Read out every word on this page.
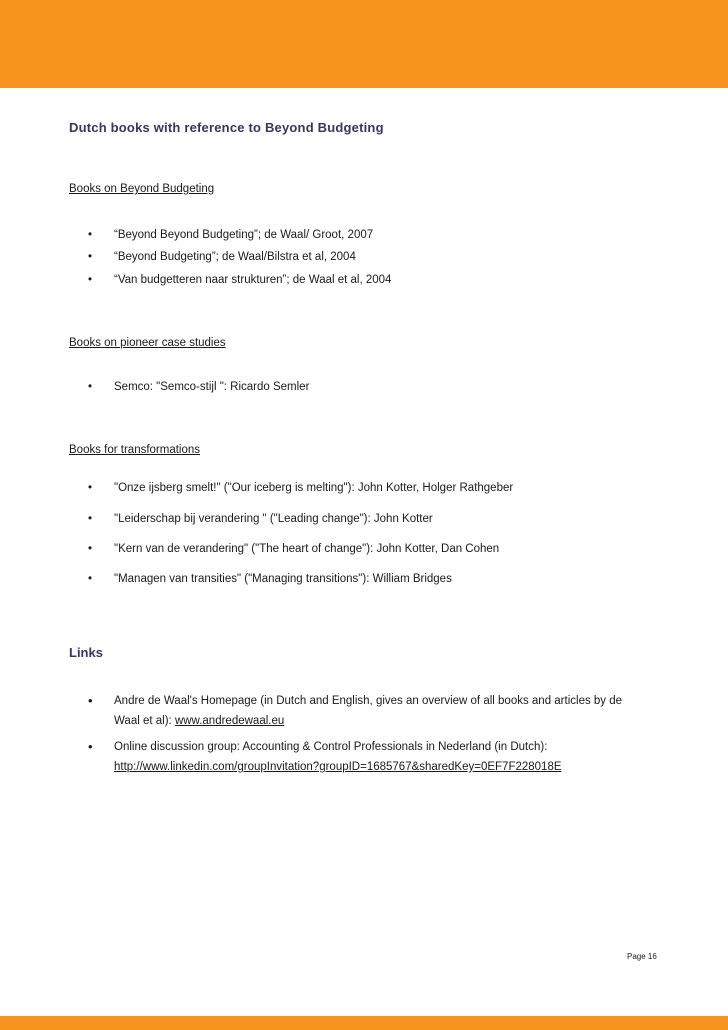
Dutch books with reference to Beyond Budgeting

Books on Beyond Budgeting

• “Beyond Beyond Budgeting”; de Waal/ Groot, 2007
• “Beyond Budgeting”; de Waal/Bilstra et al, 2004
• “Van budgetteren naar strukturen”; de Waal et al, 2004

Books on pioneer case studies

• Semco: "Semco-stijl ": Ricardo Semler

Books for transformations

• "Onze ijsberg smelt!" ("Our iceberg is melting"): John Kotter, Holger Rathgeber
• "Leiderschap bij verandering " ("Leading change"): John Kotter
• "Kern van de verandering" ("The heart of change"): John Kotter, Dan Cohen
• "Managen van transities" ("Managing transitions"): William Bridges
Links
• Andre de Waal's Homepage (in Dutch and English, gives an overview of all books and articles by de
Waal et al): www.andredewaal.eu
• Online discussion group: Accounting & Control Professionals in Nederland (in Dutch):
http://www.linkedin.com/groupInvitation?groupID=1685767&sharedKey=0EF7F228018E
Page 16
